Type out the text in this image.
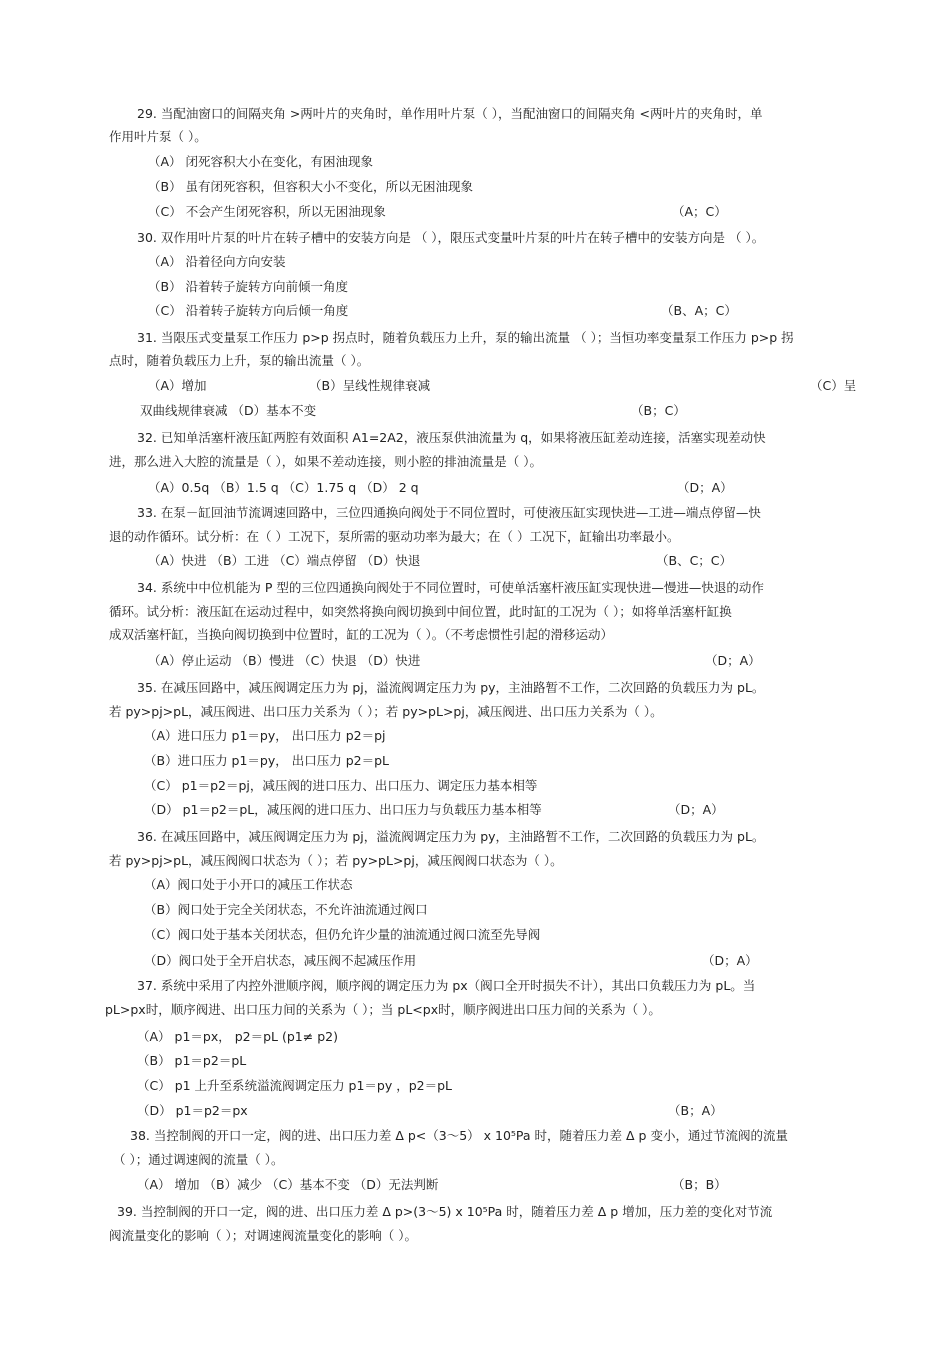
29. 当配油窗口的间隔夹角 >两叶片的夹角时，单作用叶片泵（ ），当配油窗口的间隔夹角 <两叶片的夹角时，单
作用叶片泵（ ）。
（A） 闭死容积大小在变化，有困油现象
（B） 虽有闭死容积，但容积大小不变化，所以无困油现象
（C） 不会产生闭死容积，所以无困油现象	（A；C）
30. 双作用叶片泵的叶片在转子槽中的安装方向是 （ ），限压式变量叶片泵的叶片在转子槽中的安装方向是 （ ）。
（A） 沿着径向方向安装
（B） 沿着转子旋转方向前倾一角度
（C） 沿着转子旋转方向后倾一角度	（B、A；C）
31. 当限压式变量泵工作压力 p>p 拐点时，随着负载压力上升，泵的输出流量 （ ）；当恒功率变量泵工作压力 p>p 拐
点时，随着负载压力上升，泵的输出流量（ ）。
（A）增加	（B）呈线性规律衰减	（C）呈
双曲线规律衰减 （D）基本不变	（B；C）
32. 已知单活塞杆液压缸两腔有效面积 A1=2A2，液压泵供油流量为 q，如果将液压缸差动连接，活塞实现差动快
进，那么进入大腔的流量是（ ），如果不差动连接，则小腔的排油流量是（ ）。
（A）0.5q （B）1.5 q （C）1.75 q （D） 2 q	（D；A）
33. 在泵－缸回油节流调速回路中，三位四通换向阀处于不同位置时，可使液压缸实现快进—工进—端点停留—快
退的动作循环。试分析：在（ ）工况下，泵所需的驱动功率为最大；在（ ）工况下，缸输出功率最小。
（A）快进 （B）工进 （C）端点停留 （D）快退	（B、C；C）
34. 系统中中位机能为 P 型的三位四通换向阀处于不同位置时，可使单活塞杆液压缸实现快进—慢进—快退的动作
循环。试分析：液压缸在运动过程中，如突然将换向阀切换到中间位置，此时缸的工况为（ ）；如将单活塞杆缸换
成双活塞杆缸，当换向阀切换到中位置时，缸的工况为（ ）。（不考虑惯性引起的滑移运动）
（A）停止运动 （B）慢进 （C）快退 （D）快进	（D；A）
35. 在减压回路中，减压阀调定压力为 pj，溢流阀调定压力为 py，主油路暂不工作，二次回路的负载压力为 pL。
若 py>pj>pL，减压阀进、出口压力关系为（ ）；若 py>pL>pj，减压阀进、出口压力关系为（ ）。
（A）进口压力 p1＝py， 出口压力 p2＝pj
（B）进口压力 p1＝py， 出口压力 p2＝pL
（C） p1＝p2＝pj，减压阀的进口压力、出口压力、调定压力基本相等
（D） p1＝p2＝pL，减压阀的进口压力、出口压力与负载压力基本相等	（D；A）
36. 在减压回路中，减压阀调定压力为 pj，溢流阀调定压力为 py，主油路暂不工作，二次回路的负载压力为 pL。
若 py>pj>pL，减压阀阀口状态为（ ）；若 py>pL>pj，减压阀阀口状态为（ ）。
（A）阀口处于小开口的减压工作状态
（B）阀口处于完全关闭状态，不允许油流通过阀口
（C）阀口处于基本关闭状态，但仍允许少量的油流通过阀口流至先导阀
（D）阀口处于全开启状态，减压阀不起减压作用	（D；A）
37. 系统中采用了内控外泄顺序阀，顺序阀的调定压力为 px（阀口全开时损失不计），其出口负载压力为 pL。当
pL>px时，顺序阀进、出口压力间的关系为（ ）；当 pL<px时，顺序阀进出口压力间的关系为（ ）。
（A） p1＝px， p2＝pL (p1≠ p2)
（B） p1＝p2＝pL
（C） p1 上升至系统溢流阀调定压力 p1＝py ，p2＝pL
（D） p1＝p2＝px	（B；A）
38. 当控制阀的开口一定，阀的进、出口压力差 Δ p<（3～5） x 10⁵Pa 时，随着压力差 Δ p 变小，通过节流阀的流量
（ ）；通过调速阀的流量（ ）。
（A） 增加 （B）减少 （C）基本不变 （D）无法判断	（B；B）
39. 当控制阀的开口一定，阀的进、出口压力差 Δ p>(3～5) x 10⁵Pa 时，随着压力差 Δ p 增加，压力差的变化对节流
阀流量变化的影响（ ）；对调速阀流量变化的影响（ ）。
